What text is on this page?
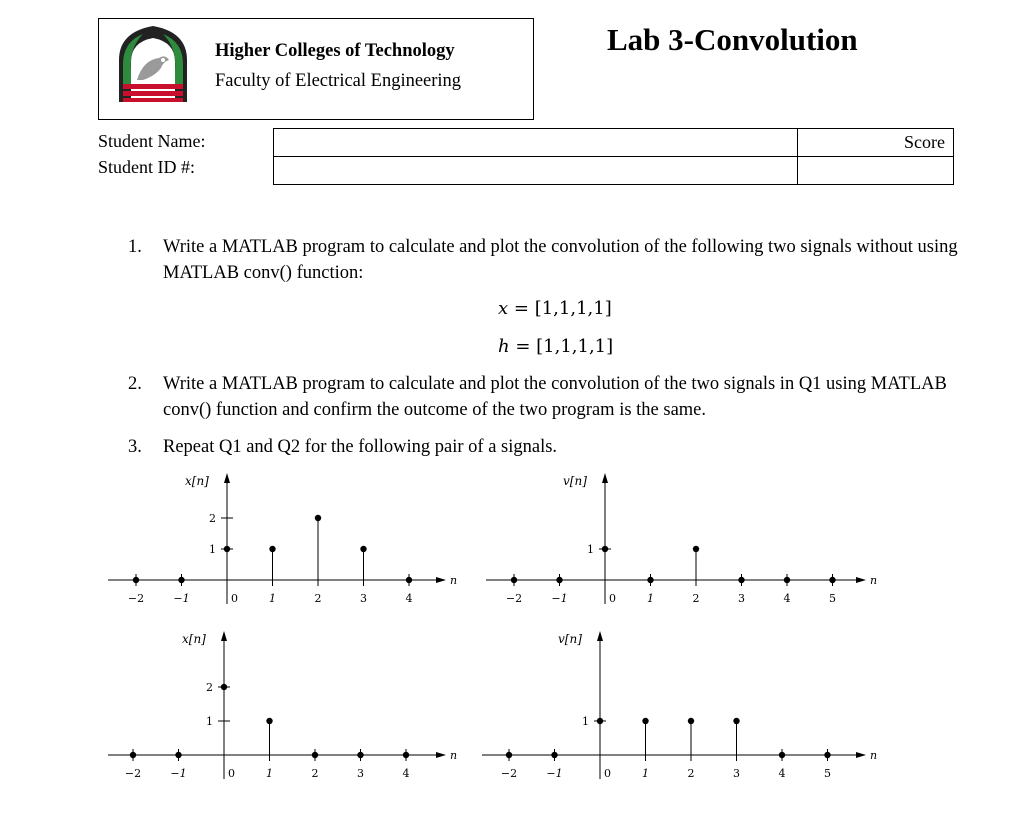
Higher Colleges of Technology
Faculty of Electrical Engineering
Lab 3-Convolution
Student Name:
Student ID #:
	Score

1. Write a MATLAB program to calculate and plot the convolution of the following two signals without using MATLAB conv() function:
x = [1,1,1,1]
h = [1,1,1,1]
2. Write a MATLAB program to calculate and plot the convolution of the two signals in Q1 using MATLAB conv() function and confirm the outcome of the two program is the same.
3. Repeat Q1 and Q2 for the following pair of a signals.
n
x[n]
1
2
−2	−1	0	1	2	3	4
n
v[n]
1
−2	−1	0	1	2	3	4	5
n
x[n]
1
2
−2	−1	0	1	2	3	4
n
v[n]
1
−2	−1	0	1	2	3	4	5
